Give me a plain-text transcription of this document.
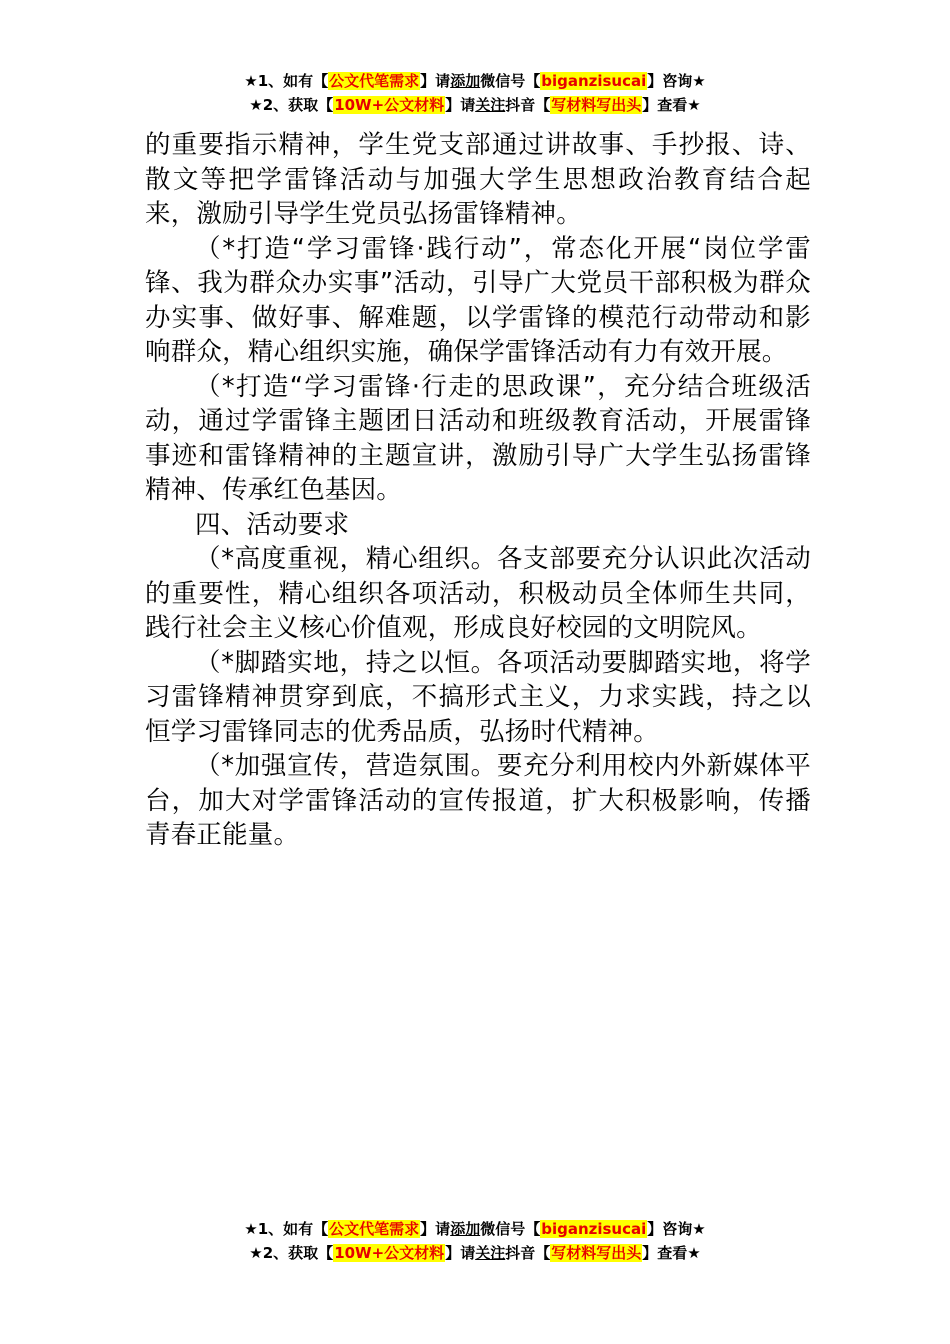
★1、如有【公文代笔需求】请添加微信号【biganzisucai】咨询★
★2、获取【10W+公文材料】请关注抖音【写材料写出头】查看★

的重要指示精神，学生党支部通过讲故事、手抄报、诗、散文等把学雷锋活动与加强大学生思想政治教育结合起来，激励引导学生党员弘扬雷锋精神。

（*打造“学习雷锋·践行动”，常态化开展“岗位学雷锋、我为群众办实事”活动，引导广大党员干部积极为群众办实事、做好事、解难题，以学雷锋的模范行动带动和影响群众，精心组织实施，确保学雷锋活动有力有效开展。

（*打造“学习雷锋·行走的思政课”，充分结合班级活动，通过学雷锋主题团日活动和班级教育活动，开展雷锋事迹和雷锋精神的主题宣讲，激励引导广大学生弘扬雷锋精神、传承红色基因。

四、活动要求

（*高度重视，精心组织。各支部要充分认识此次活动的重要性，精心组织各项活动，积极动员全体师生共同，践行社会主义核心价值观，形成良好校园的文明院风。

（*脚踏实地，持之以恒。各项活动要脚踏实地，将学习雷锋精神贯穿到底，不搞形式主义，力求实践，持之以恒学习雷锋同志的优秀品质，弘扬时代精神。

（*加强宣传，营造氛围。要充分利用校内外新媒体平台，加大对学雷锋活动的宣传报道，扩大积极影响，传播青春正能量。

★1、如有【公文代笔需求】请添加微信号【biganzisucai】咨询★
★2、获取【10W+公文材料】请关注抖音【写材料写出头】查看★
